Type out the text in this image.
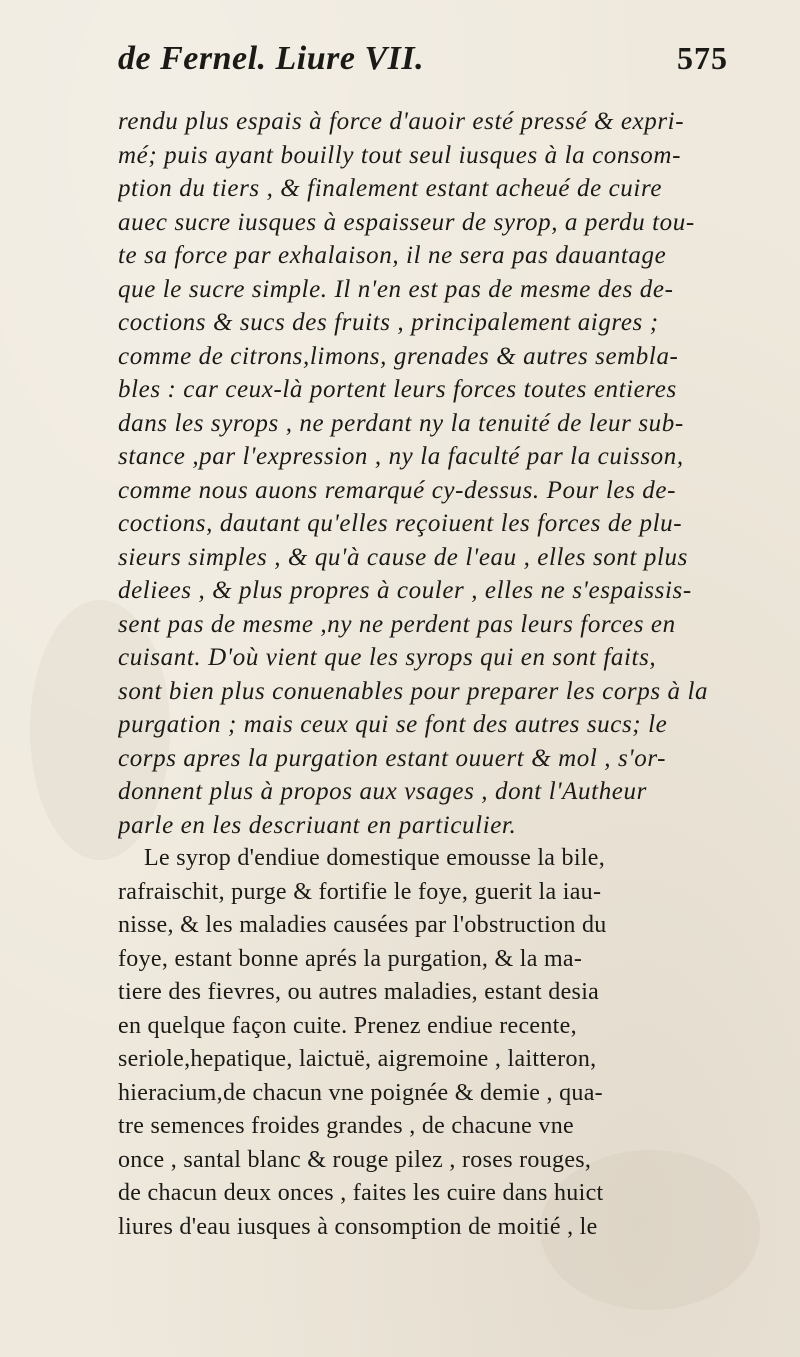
de Fernel. Liure VII.	575
rendu plus espais à force d'auoir esté pressé & expri-
mé; puis ayant bouilly tout seul iusques à la consom-
ption du tiers , & finalement estant acheué de cuire
auec sucre iusques à espaisseur de syrop, a perdu tou-
te sa force par exhalaison, il ne sera pas dauantage
que le sucre simple. Il n'en est pas de mesme des de-
coctions & sucs des fruits , principalement aigres ;
comme de citrons,limons, grenades & autres sembla-
bles : car ceux-là portent leurs forces toutes entieres
dans les syrops , ne perdant ny la tenuité de leur sub-
stance ,par l'expression , ny la faculté par la cuisson,
comme nous auons remarqué cy-dessus. Pour les de-
coctions, dautant qu'elles reçoiuent les forces de plu-
sieurs simples , & qu'à cause de l'eau , elles sont plus
deliees , & plus propres à couler , elles ne s'espaissis-
sent pas de mesme ,ny ne perdent pas leurs forces en
cuisant. D'où vient que les syrops qui en sont faits,
sont bien plus conuenables pour preparer les corps à la
purgation ; mais ceux qui se font des autres sucs; le
corps apres la purgation estant ouuert & mol , s'or-
donnent plus à propos aux vsages , dont l'Autheur
parle en les descriuant en particulier.
Le syrop d'endiue domestique emousse la bile,
rafraischit, purge & fortifie le foye, guerit la iau-
nisse, & les maladies causées par l'obstruction du
foye, estant bonne aprés la purgation, & la ma-
tiere des fievres, ou autres maladies, estant desia
en quelque façon cuite. Prenez endiue recente,
seriole,hepatique, laictuë, aigremoine , laitteron,
hieracium,de chacun vne poignée & demie , qua-
tre semences froides grandes , de chacune vne
once , santal blanc & rouge pilez , roses rouges,
de chacun deux onces , faites les cuire dans huict
liures d'eau iusques à consomption de moitié , le
